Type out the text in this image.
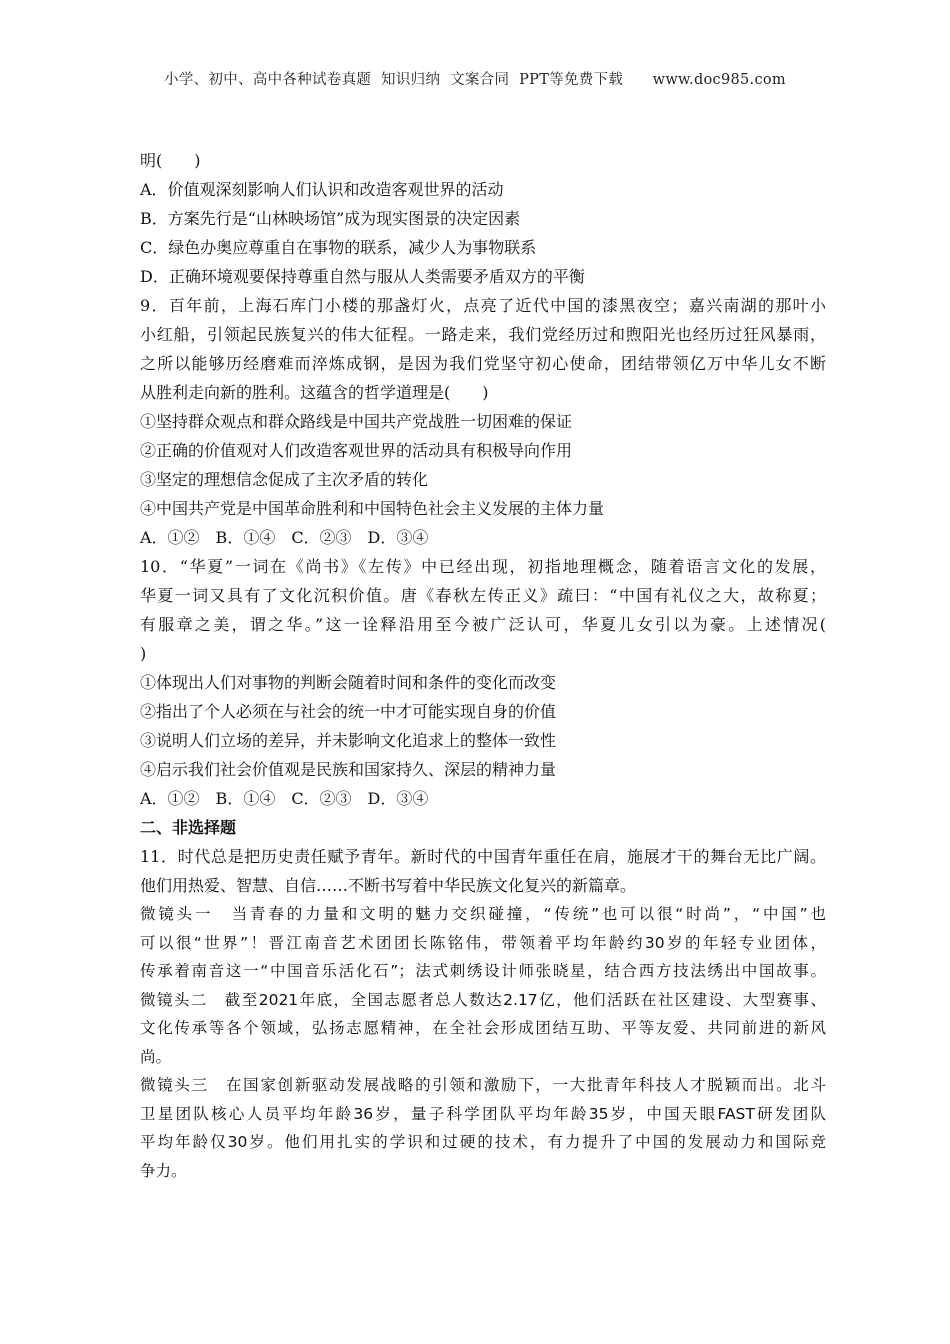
小学、初中、高中各种试卷真题  知识归纳  文案合同  PPT等免费下载      www.doc985.com
明(　　)
A．价值观深刻影响人们认识和改造客观世界的活动
B．方案先行是“山林映场馆”成为现实图景的决定因素
C．绿色办奥应尊重自在事物的联系，减少人为事物联系
D．正确环境观要保持尊重自然与服从人类需要矛盾双方的平衡
9．百年前，上海石库门小楼的那盏灯火，点亮了近代中国的漆黑夜空；嘉兴南湖的那叶小
小红船，引领起民族复兴的伟大征程。一路走来，我们党经历过和煦阳光也经历过狂风暴雨，
之所以能够历经磨难而淬炼成钢，是因为我们党坚守初心使命，团结带领亿万中华儿女不断
从胜利走向新的胜利。这蕴含的哲学道理是(　　)
①坚持群众观点和群众路线是中国共产党战胜一切困难的保证
②正确的价值观对人们改造客观世界的活动具有积极导向作用
③坚定的理想信念促成了主次矛盾的转化
④中国共产党是中国革命胜利和中国特色社会主义发展的主体力量
A．①②　B．①④　C．②③　D．③④
10．“华夏”一词在《尚书》《左传》中已经出现，初指地理概念，随着语言文化的发展，
华夏一词又具有了文化沉积价值。唐《春秋左传正义》疏曰：“中国有礼仪之大，故称夏；
有服章之美，谓之华。”这一诠释沿用至今被广泛认可，华夏儿女引以为豪。上述情况(
)
①体现出人们对事物的判断会随着时间和条件的变化而改变
②指出了个人必须在与社会的统一中才可能实现自身的价值
③说明人们立场的差异，并未影响文化追求上的整体一致性
④启示我们社会价值观是民族和国家持久、深层的精神力量
A．①②　B．①④　C．②③　D．③④
二、非选择题
11．时代总是把历史责任赋予青年。新时代的中国青年重任在肩，施展才干的舞台无比广阔。
他们用热爱、智慧、自信……不断书写着中华民族文化复兴的新篇章。
微镜头一　当青春的力量和文明的魅力交织碰撞，“传统”也可以很“时尚”，“中国”也
可以很“世界”！晋江南音艺术团团长陈铭伟，带领着平均年龄约30岁的年轻专业团体，
传承着南音这一“中国音乐活化石”；法式刺绣设计师张晓星，结合西方技法绣出中国故事。
微镜头二　截至2021年底，全国志愿者总人数达2.17亿，他们活跃在社区建设、大型赛事、
文化传承等各个领域，弘扬志愿精神，在全社会形成团结互助、平等友爱、共同前进的新风
尚。
微镜头三　在国家创新驱动发展战略的引领和激励下，一大批青年科技人才脱颖而出。北斗
卫星团队核心人员平均年龄36岁，量子科学团队平均年龄35岁，中国天眼FAST研发团队
平均年龄仅30岁。他们用扎实的学识和过硬的技术，有力提升了中国的发展动力和国际竞
争力。
